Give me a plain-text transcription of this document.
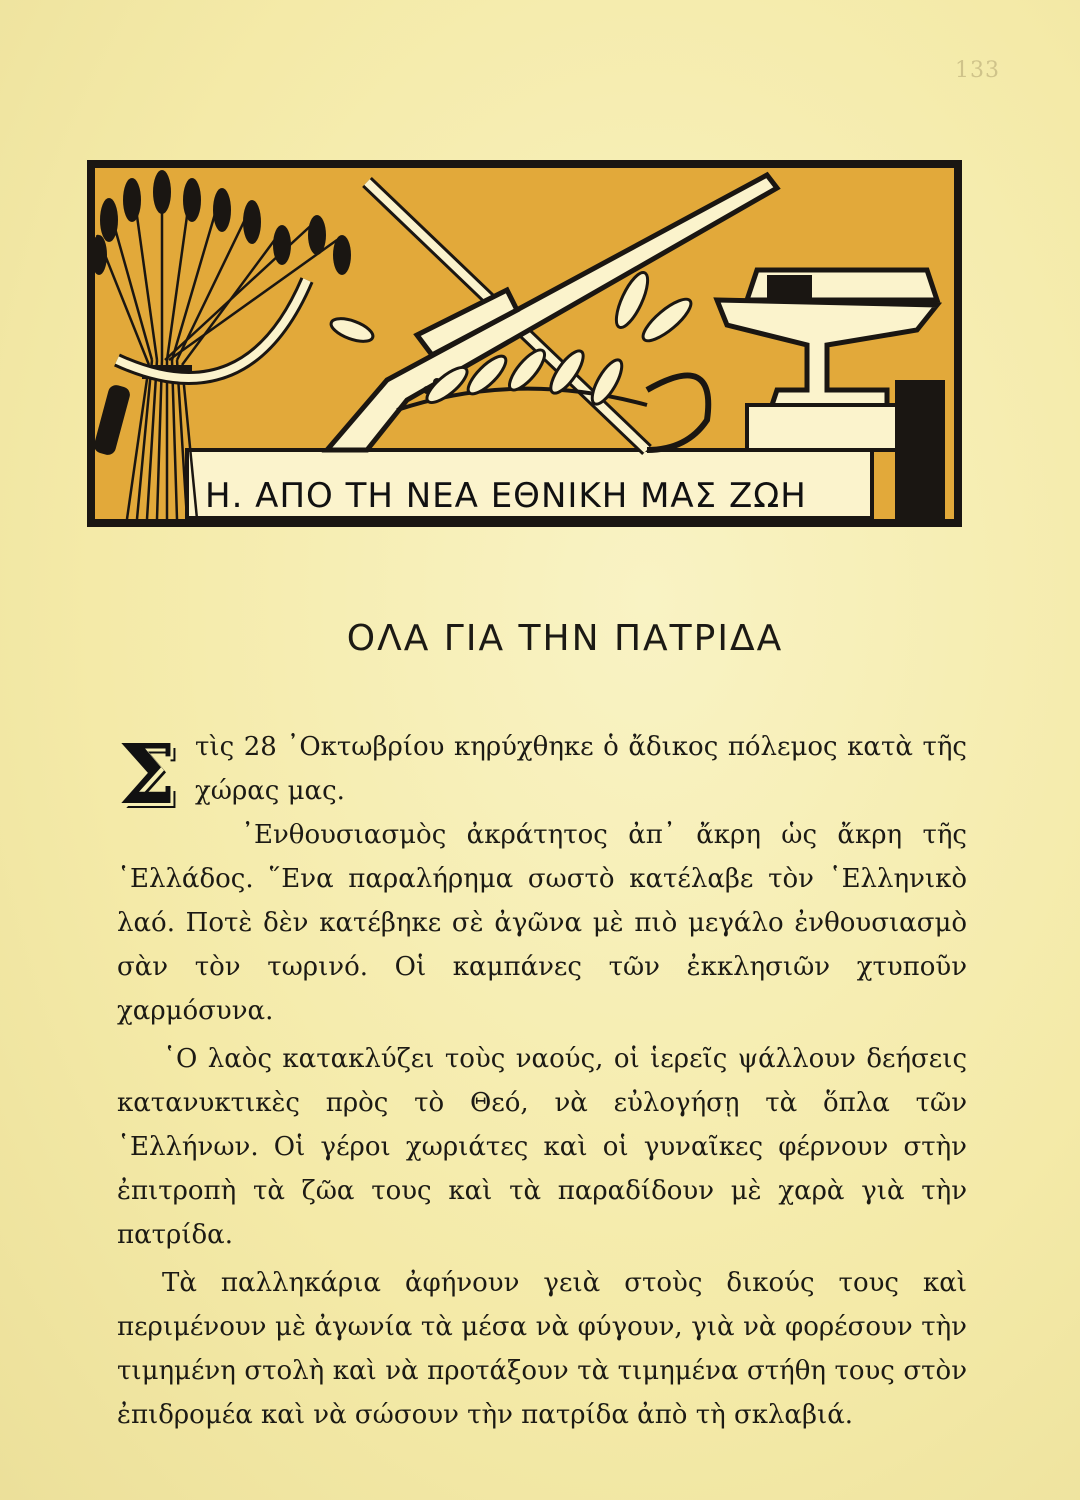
133
Η. ΑΠΟ ΤΗ ΝΕΑ ΕΘΝΙΚΗ ΜΑΣ ΖΩΗ
ΟΛΑ ΓΙΑ ΤΗΝ ΠΑΤΡΙΔΑ

Σ τὶς 28 ᾿Οκτωβρίου κηρύχθηκε ὁ ἄδικος πόλεμος κατὰ τῆς χώρας μας.

᾿Ενθουσιασμὸς ἀκράτητος ἀπ᾿ ἄκρη ὡς ἄκρη τῆς ῾Ελλάδος. ῞Ενα παραλήρημα σωστὸ κατέλαβε τὸν ῾Ελληνικὸ λαό. Ποτὲ δὲν κατέβηκε σὲ ἀγῶνα μὲ πιὸ μεγάλο ἐνθουσιασμὸ σὰν τὸν τωρινό. Οἱ καμπάνες τῶν ἐκκλησιῶν χτυποῦν χαρμόσυνα.

῾Ο λαὸς κατακλύζει τοὺς ναούς, οἱ ἱερεῖς ψάλλουν δεήσεις κατανυκτικὲς πρὸς τὸ Θεό, νὰ εὐλογήσῃ τὰ ὅπλα τῶν ῾Ελλήνων. Οἱ γέροι χωριάτες καὶ οἱ γυναῖκες φέρνουν στὴν ἐπιτροπὴ τὰ ζῶα τους καὶ τὰ παραδίδουν μὲ χαρὰ γιὰ τὴν πατρίδα.

Τὰ παλληκάρια ἀφήνουν γειὰ στοὺς δικούς τους καὶ περιμένουν μὲ ἀγωνία τὰ μέσα νὰ φύγουν, γιὰ νὰ φορέσουν τὴν τιμημένη στολὴ καὶ νὰ προτάξουν τὰ τιμημένα στήθη τους στὸν ἐπιδρομέα καὶ νὰ σώσουν τὴν πατρίδα ἀπὸ τὴ σκλαβιά.
